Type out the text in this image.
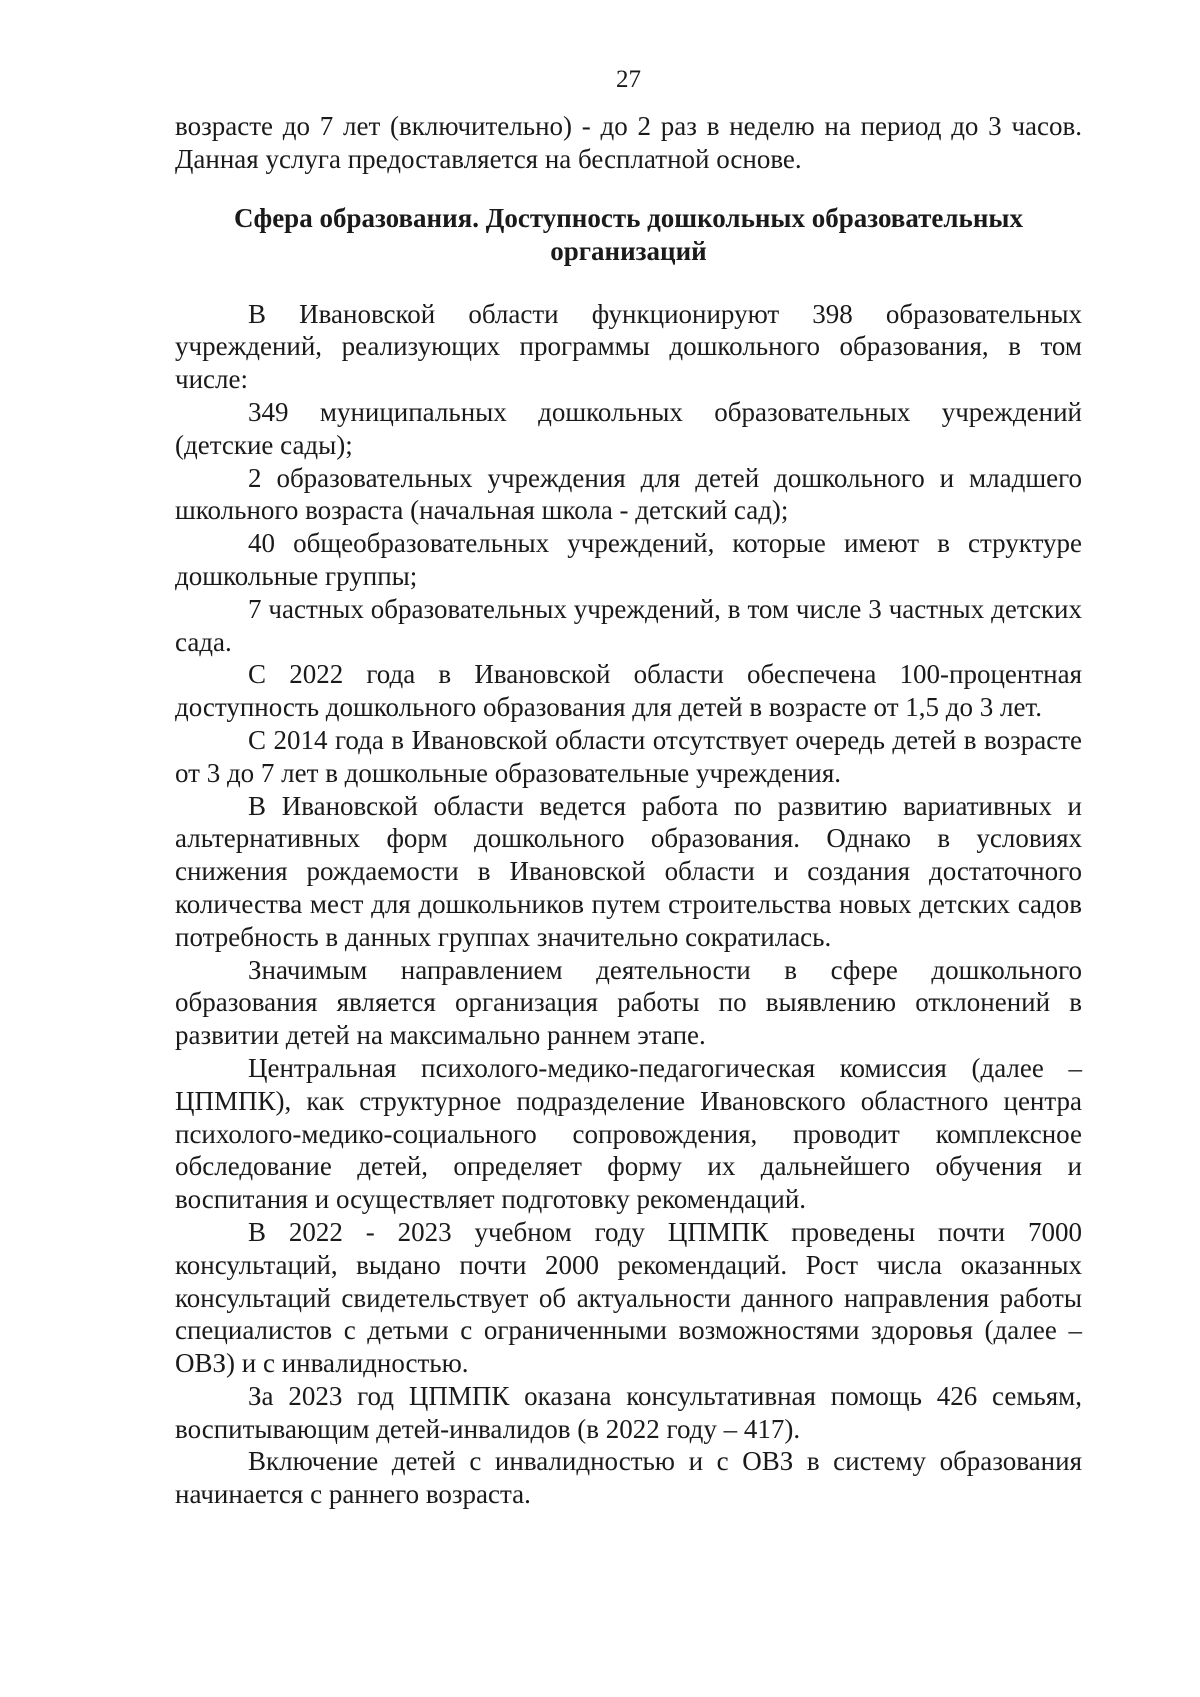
27

возрасте до 7 лет (включительно) - до 2 раз в неделю на период до 3 часов. Данная услуга предоставляется на бесплатной основе.

Сфера образования. Доступность дошкольных образовательных организаций

В Ивановской области функционируют 398 образовательных учреждений, реализующих программы дошкольного образования, в том числе:

349 муниципальных дошкольных образовательных учреждений (детские сады);

2 образовательных учреждения для детей дошкольного и младшего школьного возраста (начальная школа - детский сад);

40 общеобразовательных учреждений, которые имеют в структуре дошкольные группы;

7 частных образовательных учреждений, в том числе 3 частных детских сада.

С 2022 года в Ивановской области обеспечена 100-процентная доступность дошкольного образования для детей в возрасте от 1,5 до 3 лет.

С 2014 года в Ивановской области отсутствует очередь детей в возрасте от 3 до 7 лет в дошкольные образовательные учреждения.

В Ивановской области ведется работа по развитию вариативных и альтернативных форм дошкольного образования. Однако в условиях снижения рождаемости в Ивановской области и создания достаточного количества мест для дошкольников путем строительства новых детских садов потребность в данных группах значительно сократилась.

Значимым направлением деятельности в сфере дошкольного образования является организация работы по выявлению отклонений в развитии детей на максимально раннем этапе.

Центральная психолого-медико-педагогическая комиссия (далее – ЦПМПК), как структурное подразделение Ивановского областного центра психолого-медико-социального сопровождения, проводит комплексное обследование детей, определяет форму их дальнейшего обучения и воспитания и осуществляет подготовку рекомендаций.

В 2022 - 2023 учебном году ЦПМПК проведены почти 7000 консультаций, выдано почти 2000 рекомендаций. Рост числа оказанных консультаций свидетельствует об актуальности данного направления работы специалистов с детьми с ограниченными возможностями здоровья (далее – ОВЗ) и с инвалидностью.

За 2023 год ЦПМПК оказана консультативная помощь 426 семьям, воспитывающим детей-инвалидов (в 2022 году – 417).

Включение детей с инвалидностью и с ОВЗ в систему образования начинается с раннего возраста.
